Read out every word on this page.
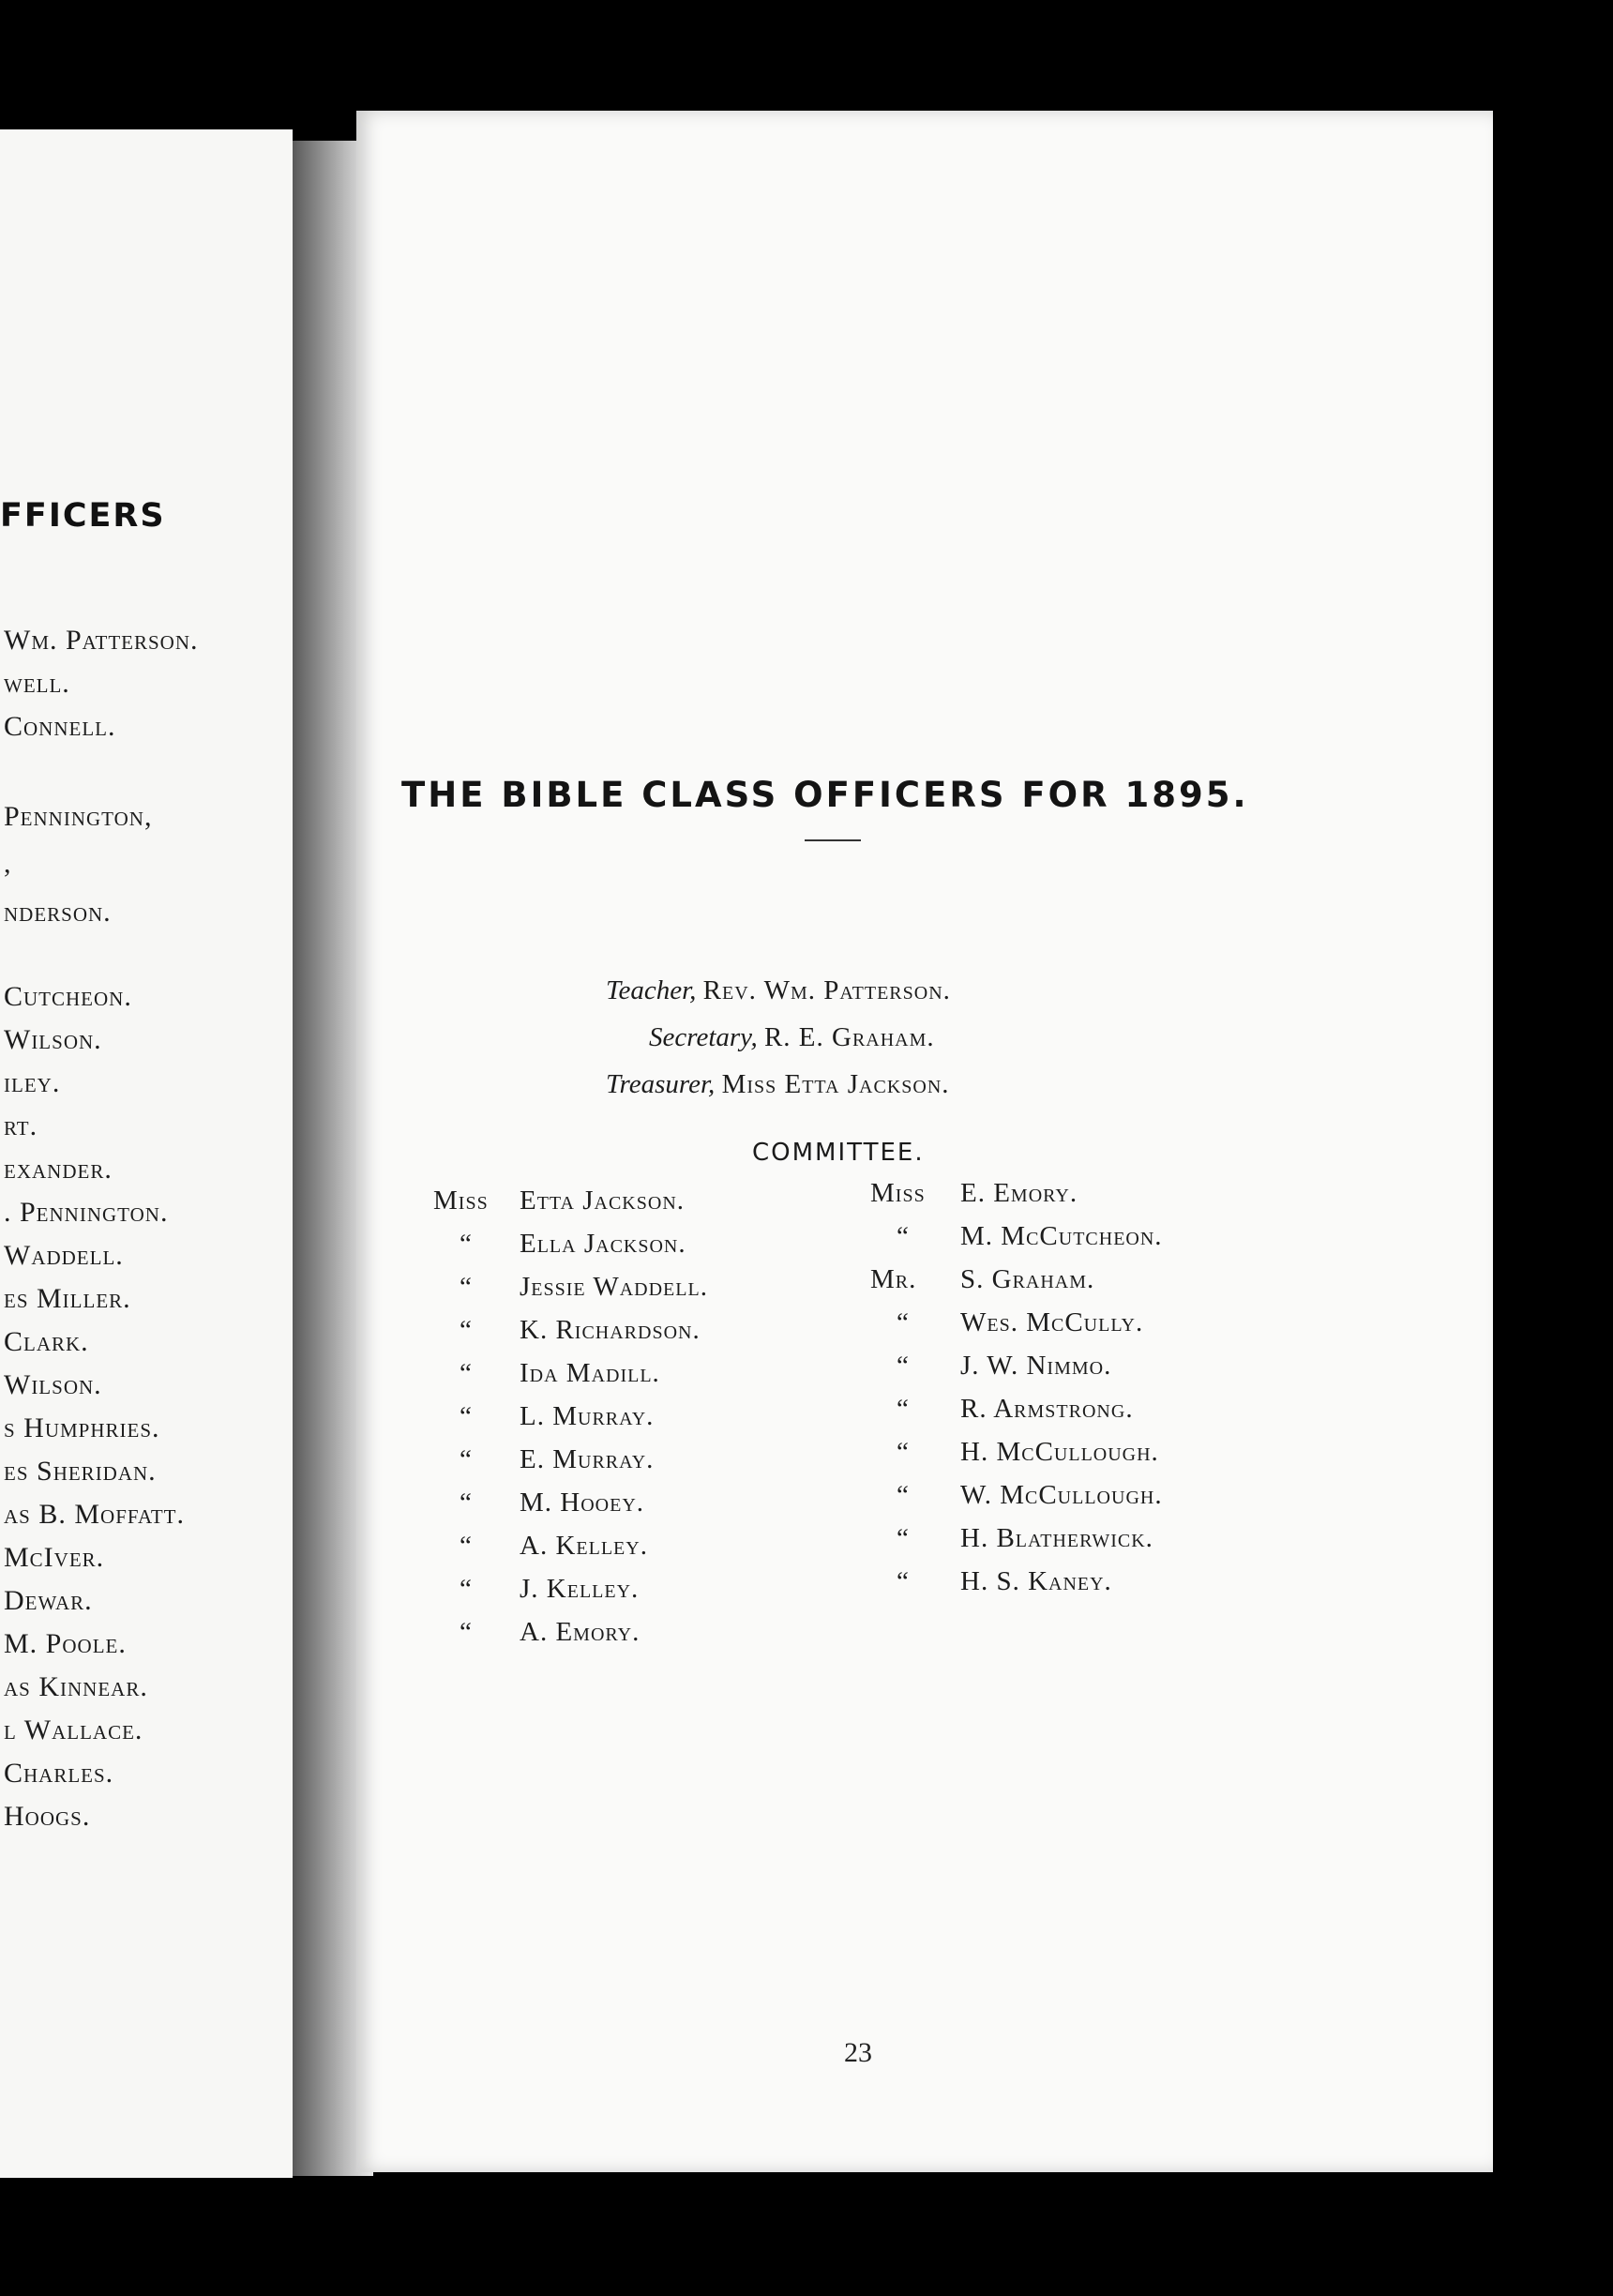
FFICERS
Wm. Patterson.
well.
Connell.
Pennington,
,
nderson.
Cutcheon.
Wilson.
iley.
rt.
exander.
. Pennington.
Waddell.
es Miller.
Clark.
Wilson.
s Humphries.
es Sheridan.
as B. Moffatt.
McIver.
Dewar.
M. Poole.
as Kinnear.
l Wallace.
Charles.
Hoogs.
THE BIBLE CLASS OFFICERS FOR 1895.
Teacher, Rev. Wm. Patterson.
Secretary, R. E. Graham.
Treasurer, Miss Etta Jackson.
COMMITTEE.
Miss Etta Jackson.
“ Ella Jackson.
“ Jessie Waddell.
“ K. Richardson.
“ Ida Madill.
“ L. Murray.
“ E. Murray.
“ M. Hooey.
“ A. Kelley.
“ J. Kelley.
“ A. Emory.
Miss E. Emory.
“ M. McCutcheon.
Mr. S. Graham.
“ Wes. McCully.
“ J. W. Nimmo.
“ R. Armstrong.
“ H. McCullough.
“ W. McCullough.
“ H. Blatherwick.
“ H. S. Kaney.
23
